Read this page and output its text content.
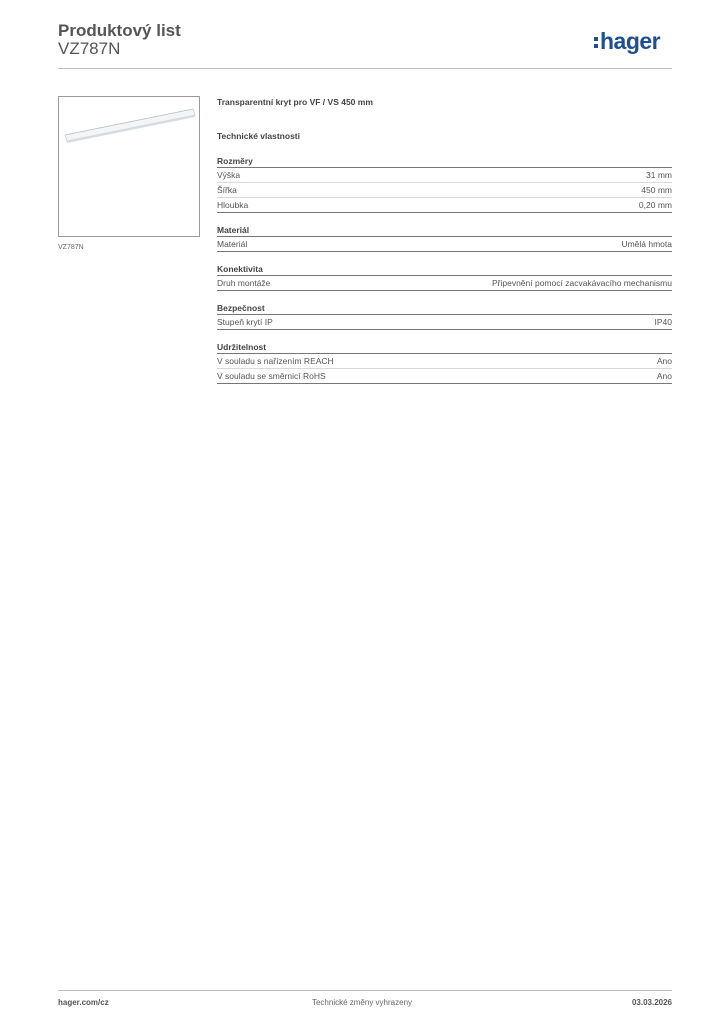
Produktový list
VZ787N	hager
VZ787N
Transparentní kryt pro VF / VS 450 mm
Technické vlastnosti
Rozměry
Výška	31 mm
Šířka	450 mm
Hloubka	0,20 mm
Materiál
Materiál	Umělá hmota
Konektivita
Druh montáže	Připevnění pomocí zacvakávacího mechanismu
Bezpečnost
Stupeň krytí IP	IP40
Udržitelnost
V souladu s nařízením REACH	Ano
V souladu se směrnicí RoHS	Ano
hager.com/cz	Technické změny vyhrazeny	03.03.2026
